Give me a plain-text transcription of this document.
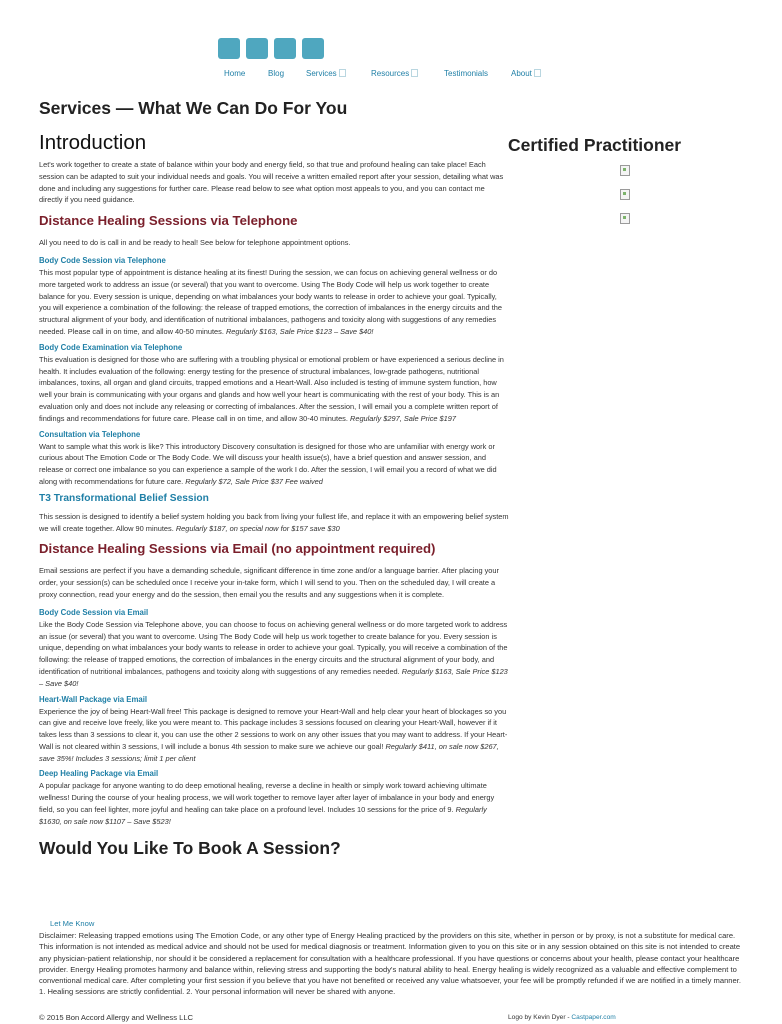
Home	Blog	Services	Resources	Testimonials	About
Services — What We Can Do For You
Introduction

Let's work together to create a state of balance within your body and energy field, so that true and profound healing can take place! Each session can be adapted to suit your individual needs and goals. You will receive a written emailed report after your session, detailing what was done and including any suggestions for further care. Please read below to see what option most appeals to you, and you can contact me directly if you need guidance.

Distance Healing Sessions via Telephone

All you need to do is call in and be ready to heal! See below for telephone appointment options.

Body Code Session via Telephone

This most popular type of appointment is distance healing at its finest! During the session, we can focus on achieving general wellness or do more targeted work to address an issue (or several) that you want to overcome. Using The Body Code will help us work together to create balance for you. Every session is unique, depending on what imbalances your body wants to release in order to achieve your goal. Typically, you will experience a combination of the following: the release of trapped emotions, the correction of imbalances in the energy circuits and the structural alignment of your body, and identification of nutritional imbalances, pathogens and toxicity along with suggestions of any remedies needed. Please call in on time, and allow 40-50 minutes. Regularly $163, Sale Price $123 – Save $40!

Body Code Examination via Telephone

This evaluation is designed for those who are suffering with a troubling physical or emotional problem or have experienced a serious decline in health. It includes evaluation of the following: energy testing for the presence of structural imbalances, low-grade pathogens, nutritional imbalances, toxins, all organ and gland circuits, trapped emotions and a Heart-Wall. Also included is testing of immune system function, how well your brain is communicating with your organs and glands and how well your heart is communicating with the rest of your body. This is an evaluation only and does not include any releasing or correcting of imbalances. After the session, I will email you a complete written report of findings and recommendations for future care. Please call in on time, and allow 30-40 minutes. Regularly $297, Sale Price $197

Consultation via Telephone

Want to sample what this work is like? This introductory Discovery consultation is designed for those who are unfamiliar with energy work or curious about The Emotion Code or The Body Code. We will discuss your health issue(s), have a brief question and answer session, and release or correct one imbalance so you can experience a sample of the work I do. After the session, I will email you a record of what we did along with recommendations for future care. Regularly $72, Sale Price $37 Fee waived

T3 Transformational Belief Session

This session is designed to identify a belief system holding you back from living your fullest life, and replace it with an empowering belief system we will create together. Allow 90 minutes. Regularly $187, on special now for $157 save $30

Distance Healing Sessions via Email (no appointment required)

Email sessions are perfect if you have a demanding schedule, significant difference in time zone and/or a language barrier. After placing your order, your session(s) can be scheduled once I receive your in-take form, which I will send to you. Then on the scheduled day, I will create a proxy connection, read your energy and do the session, then email you the results and any suggestions when it is complete.

Body Code Session via Email

Like the Body Code Session via Telephone above, you can choose to focus on achieving general wellness or do more targeted work to address an issue (or several) that you want to overcome. Using The Body Code will help us work together to create balance for you. Every session is unique, depending on what imbalances your body wants to release in order to achieve your goal. Typically, you will receive a combination of the following: the release of trapped emotions, the correction of imbalances in the energy circuits and the structural alignment of your body, and identification of nutritional imbalances, pathogens and toxicity along with suggestions of any remedies needed. Regularly $163, Sale Price $123 – Save $40!

Heart-Wall Package via Email

Experience the joy of being Heart-Wall free! This package is designed to remove your Heart-Wall and help clear your heart of blockages so you can give and receive love freely, like you were meant to. This package includes 3 sessions focused on clearing your Heart-Wall, however if it takes less than 3 sessions to clear it, you can use the other 2 sessions to work on any other issues that you may want to address. If your Heart-Wall is not cleared within 3 sessions, I will include a bonus 4th session to make sure we achieve our goal! Regularly $411, on sale now $267, save 35%! Includes 3 sessions; limit 1 per client

Deep Healing Package via Email

A popular package for anyone wanting to do deep emotional healing, reverse a decline in health or simply work toward achieving ultimate wellness! During the course of your healing process, we will work together to remove layer after layer of imbalance in your body and energy field, so you can feel lighter, more joyful and healing can take place on a profound level. Includes 10 sessions for the price of 9. Regularly $1630, on sale now $1107 – Save $523!

Would You Like To Book A Session?
Certified Practitioner
Let Me Know
Disclaimer: Releasing trapped emotions using The Emotion Code, or any other type of Energy Healing practiced by the providers on this site, whether in person or by proxy, is not a substitute for medical care. This information is not intended as medical advice and should not be used for medical diagnosis or treatment. Information given to you on this site or in any session obtained on this site is not intended to create any physician-patient relationship, nor should it be considered a replacement for consultation with a healthcare professional. If you have questions or concerns about your health, please contact your healthcare provider. Energy Healing promotes harmony and balance within, relieving stress and supporting the body's natural ability to heal. Energy healing is widely recognized as a valuable and effective complement to conventional medical care. After completing your first session if you believe that you have not benefited or received any value whatsoever, your fee will be promptly refunded if we are notified in a timely manner. 1. Healing sessions are strictly confidential. 2. Your personal information will never be shared with anyone.
© 2015 Bon Accord Allergy and Wellness LLC	Logo by Kevin Dyer - Castpaper.com
